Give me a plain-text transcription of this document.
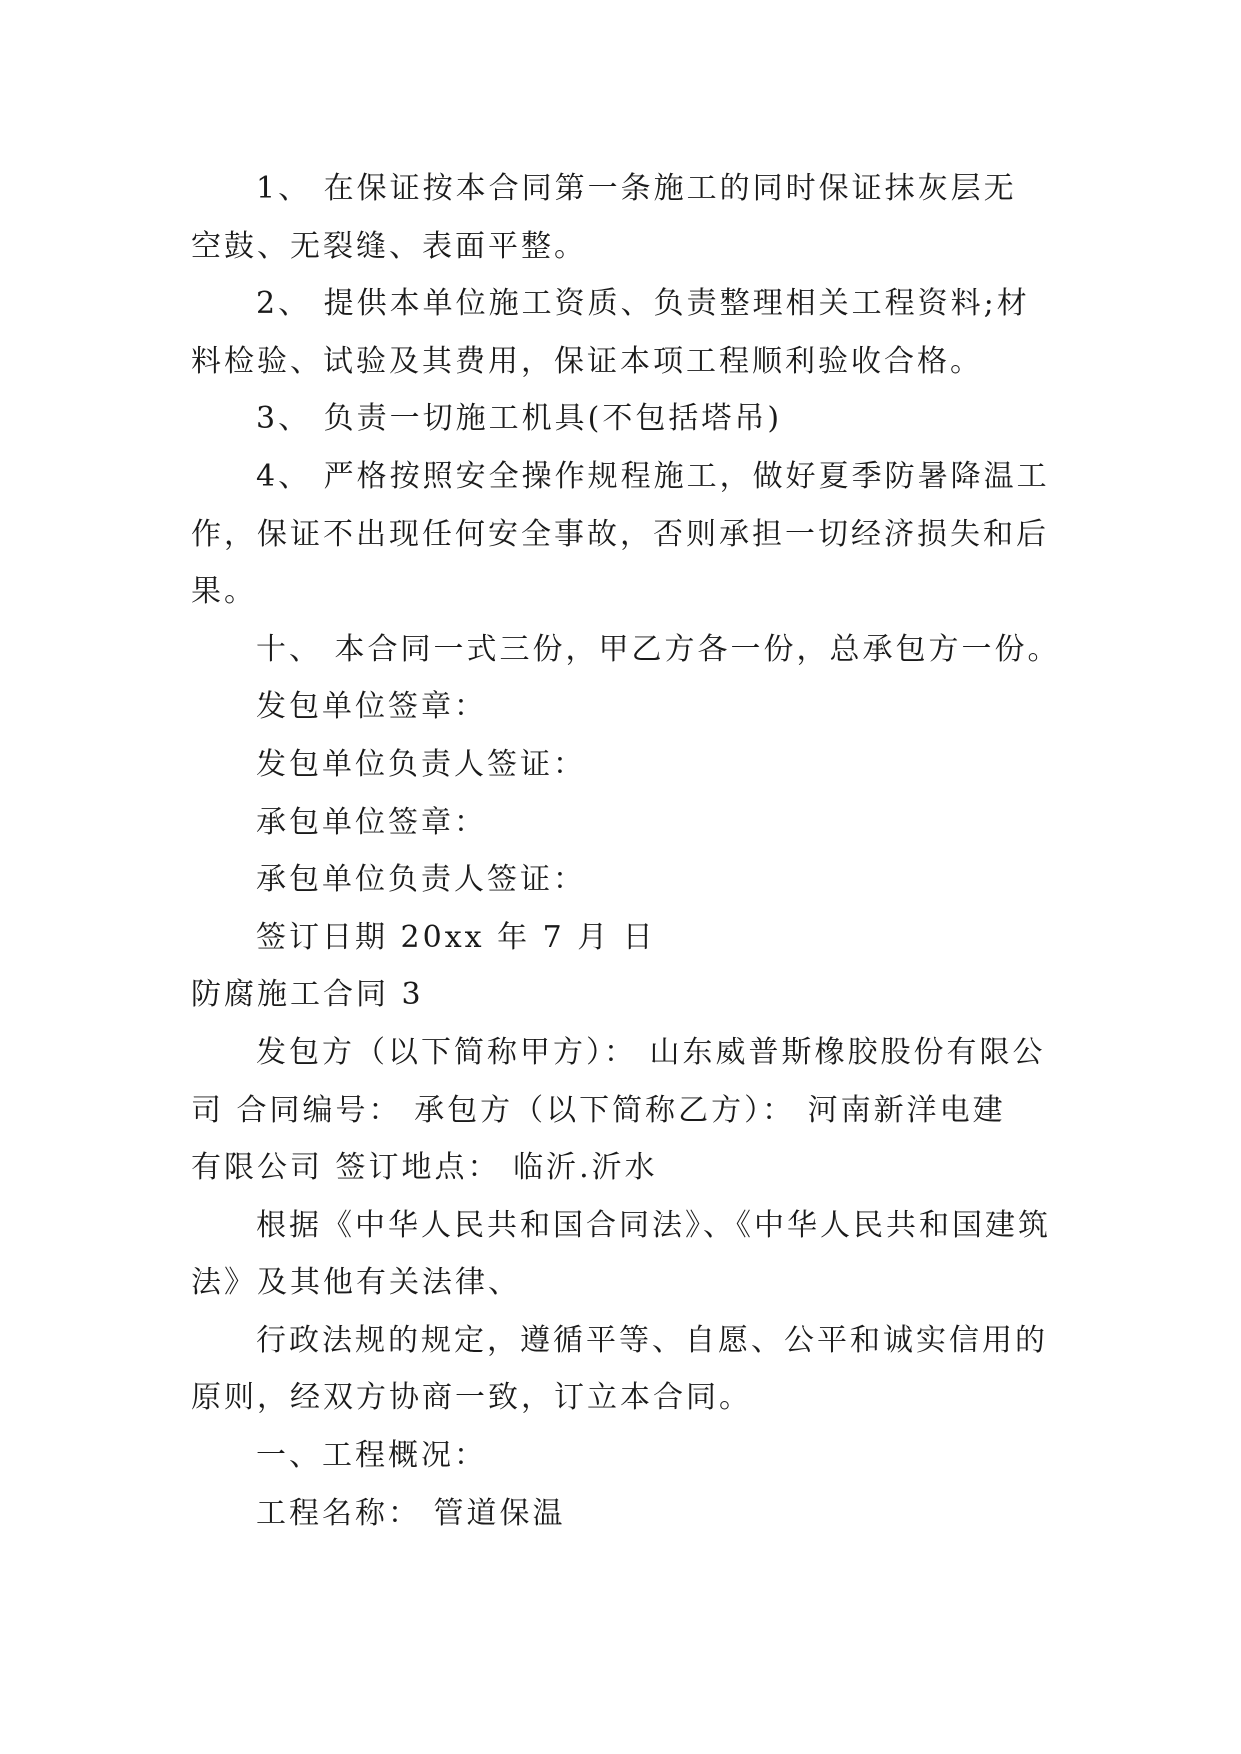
1、 在保证按本合同第一条施工的同时保证抹灰层无
空鼓、无裂缝、表面平整。
2、 提供本单位施工资质、负责整理相关工程资料;材
料检验、试验及其费用，保证本项工程顺利验收合格。
3、 负责一切施工机具(不包括塔吊)
4、 严格按照安全操作规程施工，做好夏季防暑降温工
作，保证不出现任何安全事故，否则承担一切经济损失和后
果。
十、 本合同一式三份，甲乙方各一份，总承包方一份。
发包单位签章：
发包单位负责人签证：
承包单位签章：
承包单位负责人签证：
签订日期 20xx 年 7 月 日
防腐施工合同 3
发包方（以下简称甲方）： 山东威普斯橡胶股份有限公
司 合同编号： 承包方（以下简称乙方）： 河南新洋电建
有限公司 签订地点： 临沂.沂水
根据《中华人民共和国合同法》、《中华人民共和国建筑
法》及其他有关法律、
行政法规的规定，遵循平等、自愿、公平和诚实信用的
原则，经双方协商一致，订立本合同。
一、工程概况：
工程名称： 管道保温
